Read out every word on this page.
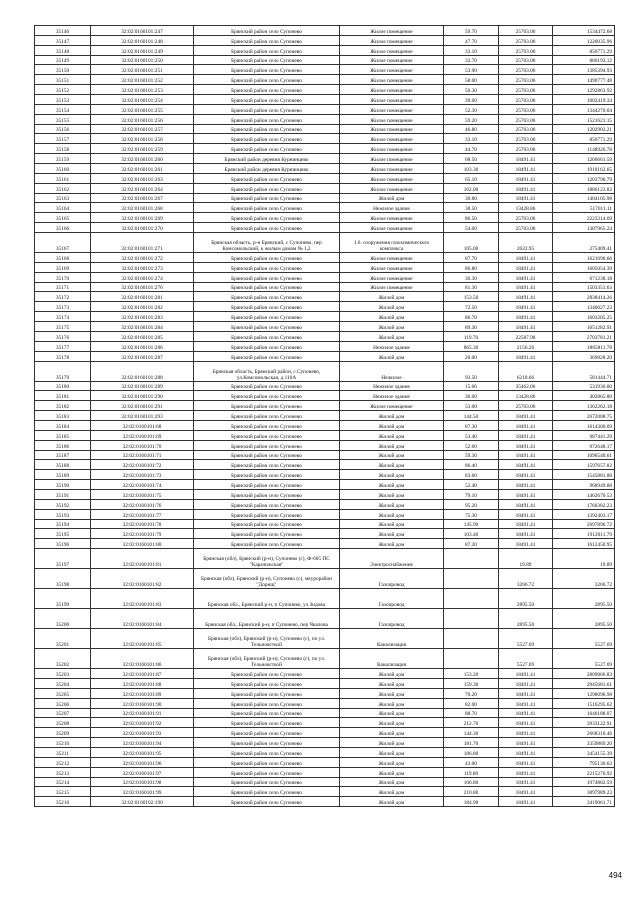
35146	32:02:0160101:247	Брянский район село Супонево	Жилое помещение	59.70	25703.06	1534472.68
35147	32:02:0160101:248	Брянский район село Супонево	Жилое помещение	47.70	25703.06	1226035.96
35148	32:02:0160101:249	Брянский район село Супонево	Жилое помещение	33.10	25703.06	850771.29
35149	32:02:0160101:250	Брянский район село Супонево	Жилое помещение	33.70	25703.06	866193.12
35150	32:02:0160101:251	Брянский район село Супонево	Жилое помещение	53.90	25703.06	1385394.93
35151	32:02:0160101:252	Брянский район село Супонево	Жилое помещение	58.00	25703.06	1490777.48
35152	32:02:0160101:253	Брянский район село Супонево	Жилое помещение	50.30	25703.06	1292863.92
35153	32:02:0160101:254	Брянский район село Супонево	Жилое помещение	39.00	25703.06	1002419.34
35154	32:02:0160101:255	Брянский район село Супонево	Жилое помещение	52.30	25703.06	1344270.04
35155	32:02:0160101:256	Брянский район село Супонево	Жилое помещение	59.20	25703.06	1521621.15
35156	32:02:0160101:257	Брянский район село Супонево	Жилое помещение	46.80	25703.06	1202903.21
35157	32:02:0160101:258	Брянский район село Супонево	Жилое помещение	33.10	25703.06	850771.29
35158	32:02:0160101:259	Брянский район село Супонево	Жилое помещение	44.70	25703.06	1148926.78
35159	32:02:0160101:260	Брянский район деревня Курнинцево	Жилое помещение	68.50	18491.41	1266661.59
35160	32:02:0160101:261	Брянский район деревня Курнинцево	Жилое помещение	103.30	18491.41	1910162.65
35161	32:02:0160101:263	Брянский район село Супонево	Жилое помещение	65.10	18491.41	1203790.79
35162	32:02:0160101:264	Брянский район село Супонево	Жилое помещение	102.00	18491.41	1886123.82
35163	32:02:0160101:267	Брянский район село Супонево	Жилой дом	30.80	18491.41	1404105.98
35164	32:02:0160101:268	Брянский район село Супонево	Нежилое здание	38.50	13428.86	517011.11
35165	32:02:0160101:269	Брянский район село Супонево	Жилое помещение	86.50	25703.06	2223314.69
35166	32:02:0160101:270	Брянский район село Супонево	Жилое помещение	54.00	25703.06	1387965.24
35167	32:02:0160101:271	Брянская область, р-н Брянский, с Супонево, пер Комсомольский, к жилым домам № 1,2	1.6. сооружения газохимического комплекса	105.00	2622.95	275409.41
35168	32:02:0160101:272	Брянский район село Супонево	Жилое помещение	87.70	18491.41	1621696.66
35169	32:02:0160101:273	Брянский район село Супонево	Жилое помещение	86.80	18491.41	1605054.39
35170	32:02:0160101:274	Брянский район село Супонево	Жилое помещение	36.30	18491.41	671238.18
35171	32:02:0160101:276	Брянский район село Супонево	Жилое помещение	81.30	18491.41	1503351.63
35172	32:02:0160101:281	Брянский район село Супонево	Жилой дом	153.50	18491.41	2838414.26
35173	32:02:0160101:282	Брянский район село Супонево	Жилой дом	72.50	18491.41	1340627.23
35174	32:02:0160101:283	Брянский район село Супонево	Жилой дом	86.70	18491.41	1603205.25
35175	32:02:0160101:284	Брянский район село Супонево	Жилой дом	89.30	18491.41	1651282.91
35176	32:02:0160101:285	Брянский район село Супонево	Жилой дом	119.70	22587.98	2703781.21
35177	32:02:0160101:286	Брянский район село Супонево	Нежилое здание	865.30	2156.26	1865811.78
35178	32:02:0160101:287	Брянский район село Супонево	Жилой дом	20.00	18491.41	369828.20
35179	32:02:0160101:288	Брянская область, Брянский район, с.Супонево, ул.Комсомольская, д.110А	Нежилое	93.50	6218.66	581444.71
35180	32:02:0160101:289	Брянский район село Супонево	Нежилое здание	15.06	35462.06	531936.00
35181	32:02:0160101:290	Брянский район село Супонево	Нежилое здание	30.00	13428.86	402865.80
35182	32:02:0160101:291	Брянский район село Супонево	Жилое помещение	53.00	25703.06	1362262.18
35183	32:02:0160101:293	Брянский район село Супонево	Жилой дом	144.50	18491.41	2672008.75
35184	32:02:0160101:68	Брянский район село Супонево	Жилой дом	87.30	18491.41	1614300.09
35185	32:02:0160101:69	Брянский район село Супонево	Жилой дом	53.40	18491.41	987441.29
35186	32:02:0160101:70	Брянский район село Супонево	Жилой дом	52.60	18491.41	972648.17
35187	32:02:0160101:71	Брянский район село Супонево	Жилой дом	59.30	18491.41	1096540.61
35188	32:02:0160101:72	Брянский район село Супонево	Жилой дом	86.40	18491.41	1597657.82
35189	32:02:0160101:73	Брянский район село Супонево	Жилой дом	83.60	18491.41	1545881.88
35190	32:02:0160101:74	Брянский район село Супонево	Жилой дом	52.40	18491.41	968949.88
35191	32:02:0160101:75	Брянский район село Супонево	Жилой дом	79.10	18491.41	1462670.53
35192	32:02:0160101:76	Брянский район село Супонево	Жилой дом	95.20	18491.41	1760382.23
35193	32:02:0160101:77	Брянский район село Супонево	Жилой дом	75.30	18491.41	1392403.17
35194	32:02:0160101:78	Брянский район село Супонево	Жилой дом	145.90	18491.41	2697896.72
35195	32:02:0160101:79	Брянский район село Супонево	Жилой дом	103.40	18491.41	1912011.79
35196	32:02:0160101:80	Брянский район село Супонево	Жилой дом	87.20	18491.41	1612450.95
35197	32:02:0160101:81	Брянская (обл), Брянский (р-н), Супонево (с), Ф-605 ПС "Карачижская"	Электроснабжение		19.89	19.89
35198	32:02:0160101:82	Брянская (обл), Брянский (р-н), Супонево (с), мкурорайон "Дорнщ"	Газопровод		3266.72	3266.72
35199	32:02:0160101:83	Брянская обл., Брянский р-н, п Супонево, ул Зидова	Газопровод		2895.50	2895.50
35200	32:02:0160101:84	Брянская обл., Брянский р-н, п Супонево, пер Чкалова	Газопровод		2895.50	2895.50
35201	32:02:0160101:85	Брянская (обл), Брянский (р-н), Супонево (с), по ул. Тельновсткой	Канализация		5527.69	5527.69
35202	32:02:0160101:86	Брянская (обл), Брянский (р-н), Супонево (с), по ул. Тельновсткой	Канализация		5527.69	5527.69
35203	32:02:0160101:87	Брянский район село Супонево	Жилой дом	153.20	18491.41	2809866.83
35204	32:02:0160101:88	Брянский район село Супонево	Жилой дом	159.30	18491.41	2945681.61
35205	32:02:0160101:89	Брянский район село Супонево	Жилой дом	70.20	18491.41	1298096.98
35206	32:02:0160101:90	Брянский район село Супонево	Жилой дом	82.00	18491.41	1516295.62
35207	32:02:0160101:91	Брянский район село Супонево	Жилой дом	88.70	18491.41	1640188.07
35208	32:02:0160101:92	Брянский район село Супонево	Жилой дом	212.70	18491.41	3933122.91
35209	32:02:0160101:93	Брянский район село Супонево	Жилой дом	144.30	18491.41	2668310.46
35210	32:02:0160101:94	Брянский район село Супонево	Жилой дом	181.70	18491.41	3359889.20
35211	32:02:0160101:95	Брянский район село Супонево	Жилой дом	186.80	18491.41	3454155.39
35212	32:02:0160101:96	Брянский район село Супонево	Жилой дом	43.00	18491.41	795130.63
35213	32:02:0160101:97	Брянский район село Супонево	Жилой дом	119.80	18491.41	2215270.92
35214	32:02:0160101:98	Брянский район село Супонево	Жилой дом	106.80	18491.41	1974882.59
35215	32:02:0160101:99	Брянский район село Супонево	Жилой дом	210.80	18491.41	3897989.23
35216	32:02:0160102:190	Брянский район село Супонево	Жилой дом	184.90	18491.41	3419061.71
494
